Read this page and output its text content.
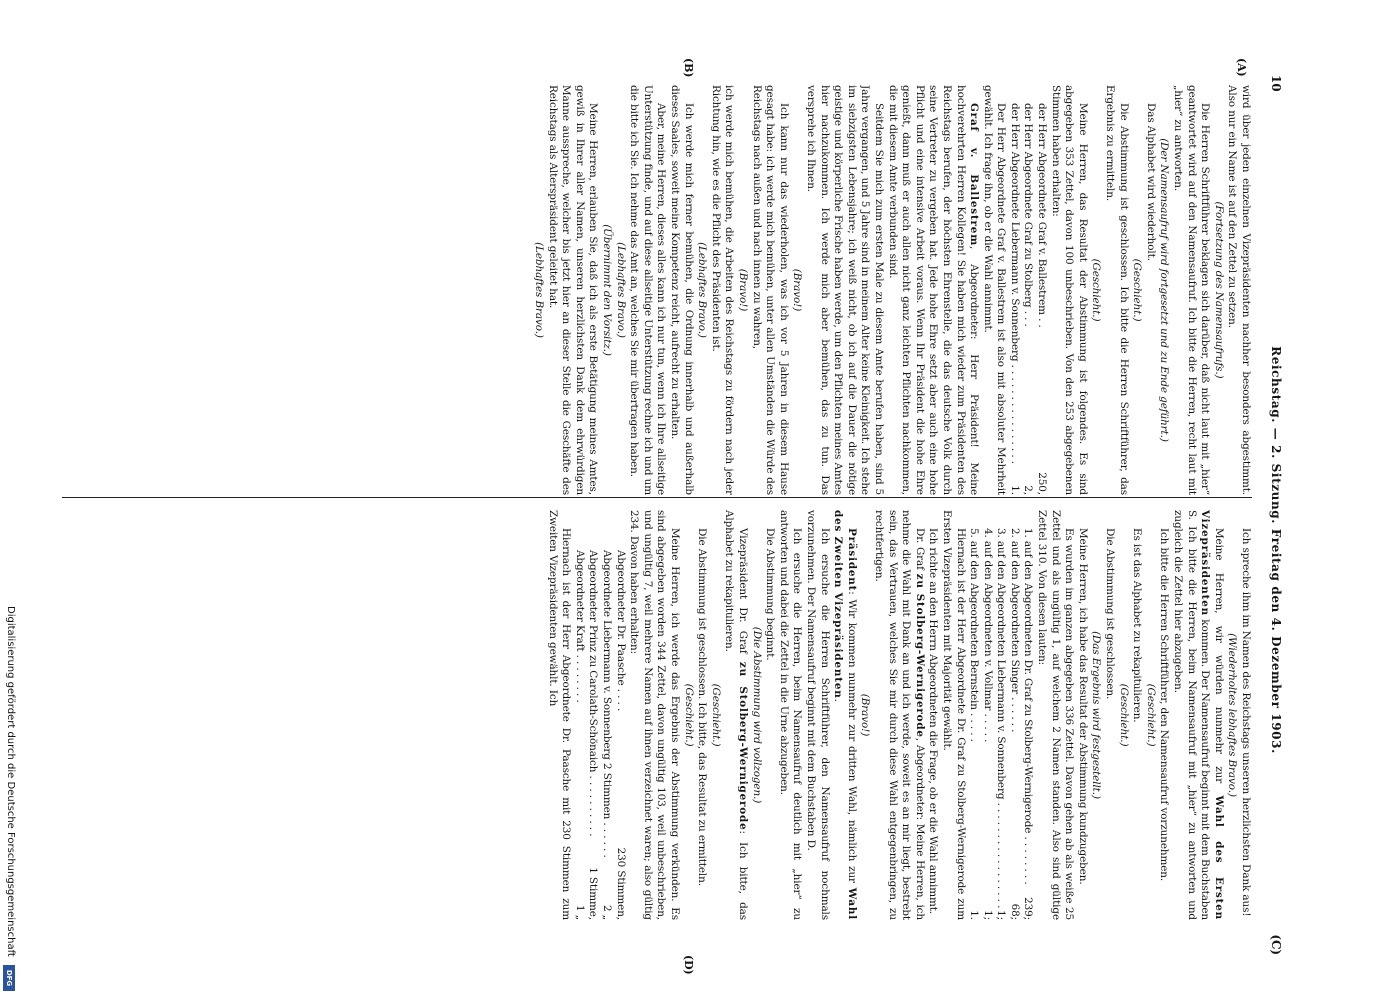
10
Reichstag. — 2. Sitzung. Freitag den 4. Dezember 1903.
(C)
(A)
(B)
(D)

wird über jeden einzelnen Vizepräsidenten nachher besonders abgestimmt. Also nur ein Name ist auf den Zettel zu setzen.

(Fortsetzung des Namensaufrufs.)

Die Herren Schriftführer beklagen sich darüber, daß nicht laut mit „hier“ geantwortet wird auf den Namensaufruf. Ich bitte die Herren, recht laut mit „hier“ zu antworten.

(Der Namensaufruf wird fortgesetzt und zu Ende geführt.)

Das Alphabet wird wiederholt.

(Geschieht.)

Die Abstimmung ist geschlossen. Ich bitte die Herren Schriftführer, das Ergebnis zu ermitteln.

(Geschieht.)

Meine Herren, das Resultat der Abstimmung ist folgendes. Es sind abgegeben 353 Zettel, davon 100 unbeschrieben. Von den 253 abgegebenen Stimmen haben erhalten:

der Herr Abgeordnete Graf v. Ballestrem . .
250,
der Herr Abgeordnete Graf zu Stolberg . . .
2,
der Herr Abgeordnete Liebermann v. Sonnenberg . . . . . . . . . . . . . . . .
1.

Der Herr Abgeordnete Graf v. Ballestrem ist also mit absoluter Mehrheit gewählt. Ich frage ihn, ob er die Wahl annimmt.

Graf v. Ballestrem, Abgeordneter: Herr Präsident! Meine hochverehrten Herren Kollegen! Sie haben mich wieder zum Präsidenten des Reichstags berufen, der höchsten Ehrenstelle, die das deutsche Volk durch seine Vertreter zu vergeben hat. Jede hohe Ehre setzt aber auch eine hohe Pflicht und eine intensive Arbeit voraus. Wenn Ihr Präsident die hohe Ehre genießt, dann muß er auch allen nicht ganz leichten Pflichten nachkommen, die mit diesem Amte verbunden sind.

Seitdem Sie mich zum ersten Male zu diesem Amte berufen haben, sind 5 Jahre vergangen, und 5 Jahre sind in meinem Alter keine Kleinigkeit. Ich stehe im siebzigsten Lebensjahre; ich weiß nicht, ob ich auf die Dauer die nötige geistige und körperliche Frische haben werde, um den Pflichten meines Amtes hier nachzukommen. Ich werde mich aber bemühen, das zu tun. Das versprehe ich Ihnen.

(Bravo!)

Ich kann nur das wiederholen, was ich vor 5 Jahren in diesem Hause gesagt habe: ich werde mich bemühen, unter allen Umständen die Würde des Reichstags nach außen und nach innen zu wahren,

(Bravo!)

ich werde mich bemühen, die Arbeiten des Reichstags zu fördern nach jeder Richtung hin, wie es die Pflicht des Präsidenten ist.

(Lebhaftes Bravo.)

Ich werde mich ferner bemühen, die Ordnung innerhalb und außerhalb dieses Saales, soweit meine Kompetenz reicht, aufrecht zu erhalten.

Aber, meine Herren, dieses alles kann ich nur tun, wenn ich Ihre allseitige Unterstützung finde, und auf diese allseitige Unterstützung rechne ich und um die bitte ich Sie. Ich nehme das Amt an, welches Sie mir übertragen haben.

(Lebhaftes Bravo.)

(Übernimmt den Vorsitz.)

Meine Herren, erlauben Sie, daß ich als erste Betätigung meines Amtes, gewiß in Ihrer aller Namen, unseren herzlichsten Dank dem ehrwürdigen Manne ausspreche, welcher bis jetzt hier an dieser Stelle die Geschäfte des Reichstags als Alterspräsident geleitet hat.

(Lebhaftes Bravo.)

Ich spreche ihm im Namen des Reichstags unseren herzlichsten Dank aus!

(Wiederholtes lebhaftes Bravo.)

Meine Herren, wir würden nunmehr zur Wahl des Ersten Vizepräsidenten kommen. Der Namensaufruf beginnt mit dem Buchstaben S. Ich bitte die Herren, beim Namensaufruf mit „hier“ zu antworten und zugleich die Zettel hier abzugeben.

Ich bitte die Herren Schriftführer, den Namensaufruf vorzunehmen.

(Geschieht.)

Es ist das Alphabet zu rekapitulieren.

(Geschieht.)

Die Abstimmung ist geschlossen.

(Das Ergebnis wird festgestellt.)

Meine Herren, ich habe das Resultat der Abstimmung kundzugeben.

Es wurden im ganzen abgegeben 336 Zettel. Davon gehen ab als weiße 25 Zettel und als ungültig 1, auf welchem 2 Namen standen. Also sind gültige Zettel 310. Von diesen lauten:

1. auf den Abgeordneten Dr. Graf zu Stolberg-Wernigerode . . . . . . . .
239;
2. auf den Abgeordneten Singer . . . . . .
68;
3. auf den Abgeordneten Liebermann v. Sonnenberg . . . . . . . . . . . . . . . . .
1;
4. auf den Abgeordneten v. Vollmar . . . . .
1;
5. auf den Abgeordneten Bernstein . . . . .
1.

Hiernach ist der Herr Abgeordnete Dr. Graf zu Stolberg-Wernigerode zum Ersten Vizepräsidenten mit Majorität gewählt.

Ich richte an den Herrn Abgeordneten die Frage, ob er die Wahl annimmt.

Dr. Graf zu Stolberg-Wernigerode, Abgeordneter: Meine Herren, ich nehme die Wahl mit Dank an und ich werde, soweit es an mir liegt, bestrebt sein, das Vertrauen, welches Sie mir durch diese Wahl entgegenbringen, zu rechtfertigen.

(Bravo!)

Präsident: Wir kommen nunmehr zur dritten Wahl, nämlich zur Wahl des Zweiten Vizepräsidenten.

Ich ersuche die Herren Schriftführer, den Namensaufruf nochmals vorzunehmen. Der Namensaufruf beginnt mit dem Buchstaben D.

Ich ersuche die Herren, beim Namensaufruf deutlich mit „hier“ zu antworten und dabei die Zettel in die Urne abzugeben.

Die Abstimmung beginnt.

(Die Abstimmung wird vollzogen.)

Vizepräsident Dr. Graf zu Stolberg-Wernigerode: Ich bitte, das Alphabet zu rekapitulieren.

(Geschieht.)

Die Abstimmung ist geschlossen. Ich bitte, das Resultat zu ermitteln.

(Geschieht.)

Meine Herren, ich werde das Ergebnis der Abstimmung verkünden. Es sind abgegeben worden 344 Zettel, davon ungültig 103, weil unbeschrieben, und ungültig 7, weil mehrere Namen auf ihnen verzeichnet waren; also gültig 234. Davon haben erhalten:

Abgeordneter Dr. Paasche . . . .
230 Stimmen,
Abgeordnete Liebermann v. Sonnenberg 2 Stimmen . . . . . .
2 „
Abgeordneter Prinz zu Carolath-Schönaich . . . . . . . . . .
1 Stimme,
Abgeordneter Kraft . . . . . . . .
1 „

Hiernach ist der Herr Abgeordnete Dr. Paasche mit 230 Stimmen zum Zweiten Vizepräsidenten gewählt. Ich

Digitalisierung gefördert durch die Deutsche Forschungsgemeinschaft
DFG
